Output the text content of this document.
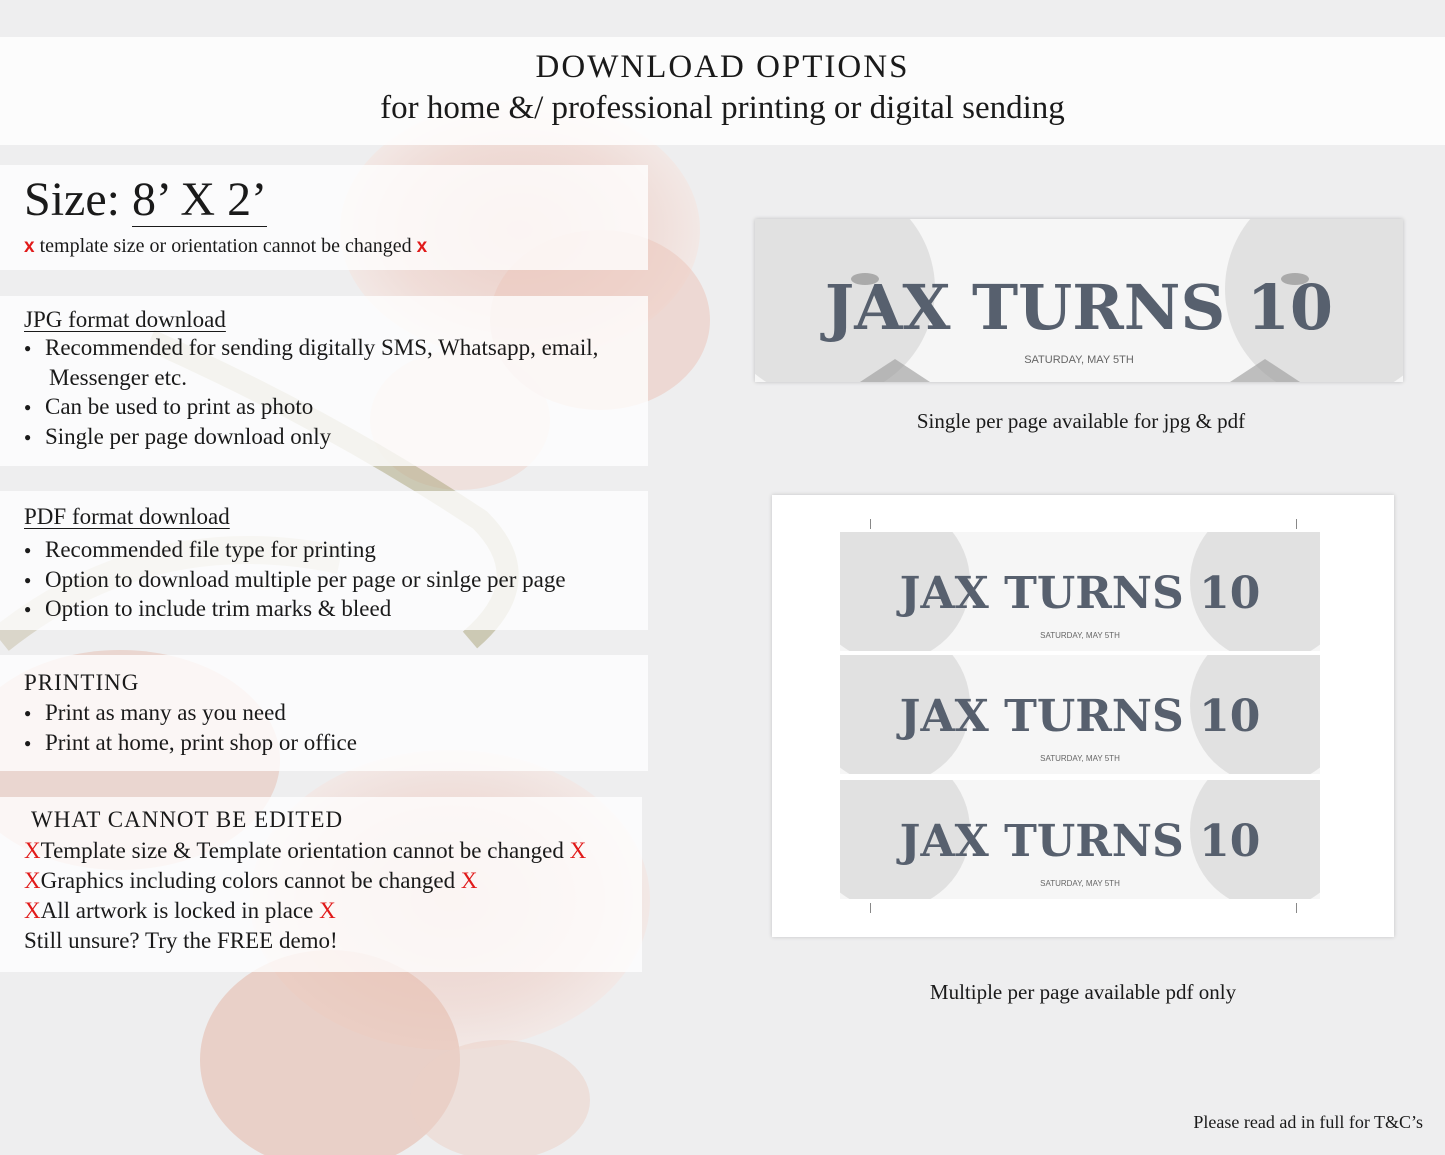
DOWNLOAD OPTIONS
for home &/ professional printing or digital sending
Size: 8’ X 2’
x template size or orientation cannot be changed x
JPG format download
● Recommended for sending digitally SMS, Whatsapp, email,
Messenger etc.
● Can be used to print as photo
● Single per page download only
PDF format download
● Recommended file type for printing
● Option to download multiple per page or sinlge per page
● Option to include trim marks & bleed
PRINTING
● Print as many as you need
● Print at home, print shop or office
WHAT CANNOT BE EDITED
XTemplate size & Template orientation cannot be changed X
XGraphics including colors cannot be changed X
XAll artwork is locked in place X
Still unsure? Try the FREE demo!
JAX TURNS 10
SATURDAY, MAY 5TH
Single per page available for jpg & pdf
JAX TURNS 10
SATURDAY, MAY 5TH
JAX TURNS 10
SATURDAY, MAY 5TH
JAX TURNS 10
SATURDAY, MAY 5TH
Multiple per page available pdf only
Please read ad in full for T&C’s
